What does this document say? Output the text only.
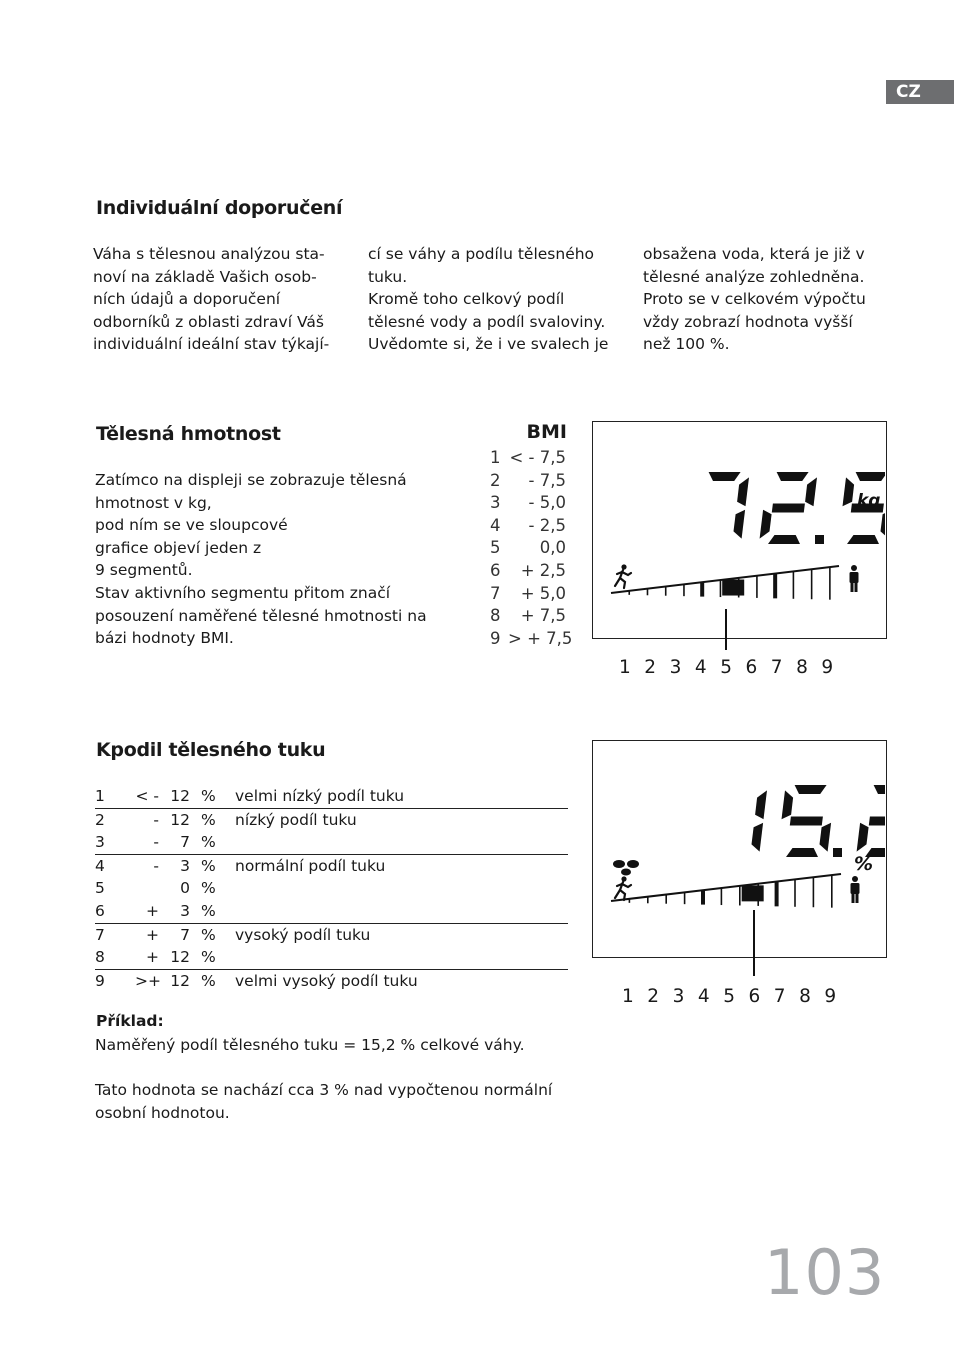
CZ
Individuální doporučení

Váha s tělesnou analýzou sta-

noví na základě Vašich osob-

ních údajů a doporučení

odborníků z oblasti zdraví Váš

individuální ideální stav týkají-

cí se váhy a podílu tělesného

tuku.

Kromě toho celkový podíl

tělesné vody a podíl svaloviny.

Uvědomte si, že i ve svalech je

obsažena voda, která je již v

tělesné analýze zohledněna.

Proto se v celkovém výpočtu

vždy zobrazí hodnota vyšší

než 100 %.

Tělesná hmotnost

Zatímco na displeji se zobrazuje tělesná

hmotnost v kg,

pod ním se ve sloupcové

grafice objeví jeden z

9 segmentů.

Stav aktivního segmentu přitom značí

posouzení naměřené tělesné hmotnosti na

bázi hodnoty BMI.

BMI
1 < - 7,5
2 - 7,5
3 - 5,0
4 - 2,5
5 0,0
6 + 2,5
7 + 5,0
8 + 7,5
9 > + 7,5
kg
1 2 3 4 5 6 7 8 9
Kpodil tělesného tuku
1 < - 12 % velmi nízký podíl tuku
2	- 12 % nízký podíl tuku
3	-	7 %
4	-	3 % normální podíl tuku
5	0 %
6	+	3 %
7	+	7 % vysoký podíl tuku
8	+ 12 %
9 >+ 12 % velmi vysoký podíl tuku
Příklad:
Naměřený podíl tělesného tuku = 15,2 % celkové váhy.
Tato hodnota se nachází cca 3 % nad vypočtenou normální
osobní hodnotou.
%
1 2 3 4 5 6 7 8 9
103
